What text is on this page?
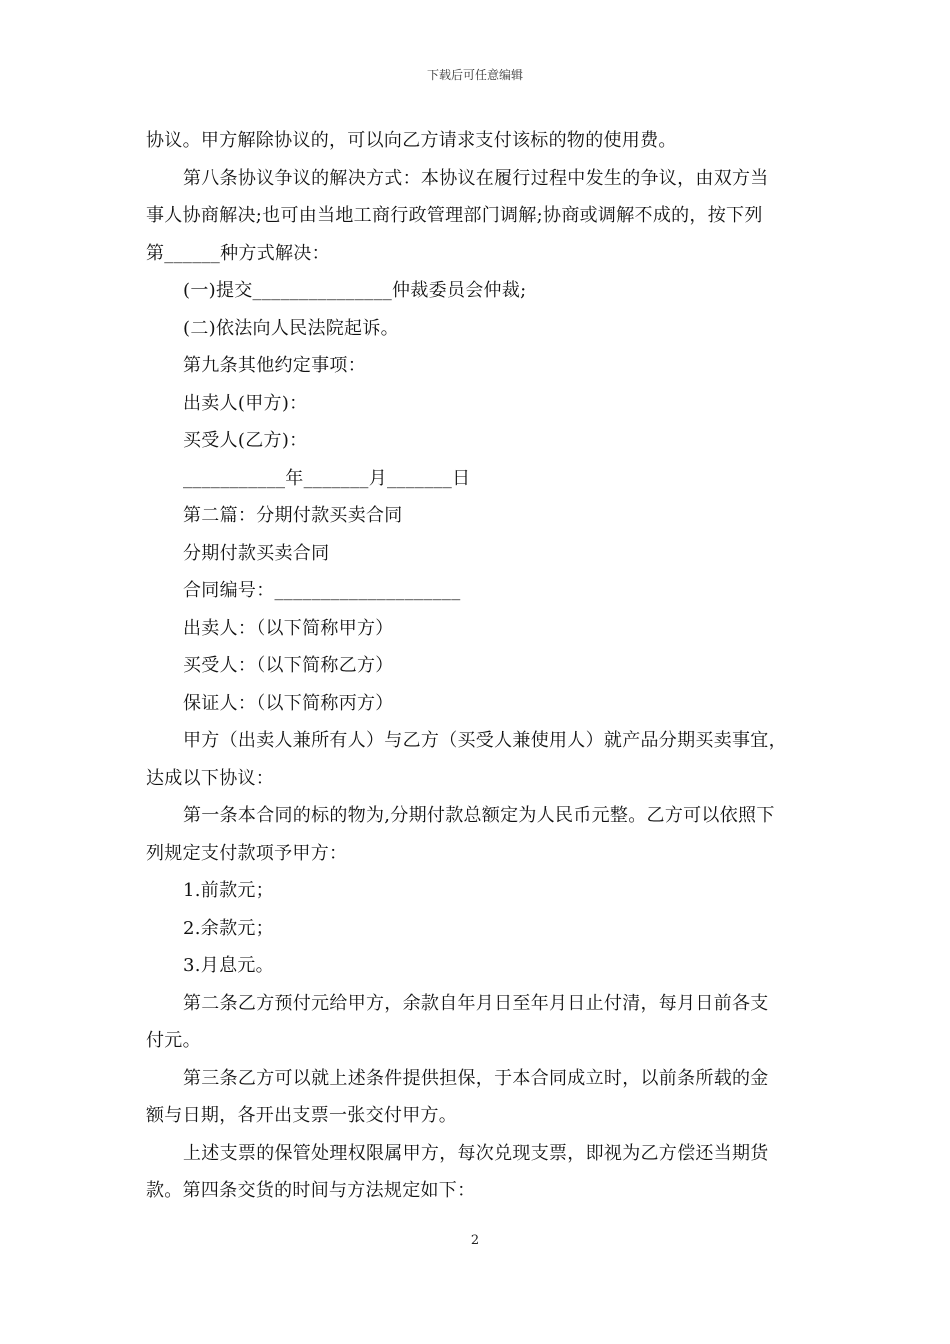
下载后可任意编辑

协议。甲方解除协议的，可以向乙方请求支付该标的物的使用费。

第八条协议争议的解决方式：本协议在履行过程中发生的争议，由双方当

事人协商解决;也可由当地工商行政管理部门调解;协商或调解不成的，按下列

第______种方式解决：

(一)提交_______________仲裁委员会仲裁;

(二)依法向人民法院起诉。

第九条其他约定事项：

出卖人(甲方)：

买受人(乙方)：

___________年_______月_______日

第二篇：分期付款买卖合同

分期付款买卖合同

合同编号：____________________

出卖人：（以下简称甲方）

买受人：（以下简称乙方）

保证人：（以下简称丙方）

甲方（出卖人兼所有人）与乙方（买受人兼使用人）就产品分期买卖事宜，

达成以下协议：

第一条本合同的标的物为,分期付款总额定为人民币元整。乙方可以依照下

列规定支付款项予甲方：

1.前款元；

2.余款元；

3.月息元。

第二条乙方预付元给甲方，余款自年月日至年月日止付清，每月日前各支

付元。

第三条乙方可以就上述条件提供担保，于本合同成立时，以前条所载的金

额与日期，各开出支票一张交付甲方。

上述支票的保管处理权限属甲方，每次兑现支票，即视为乙方偿还当期货

款。第四条交货的时间与方法规定如下：

2
